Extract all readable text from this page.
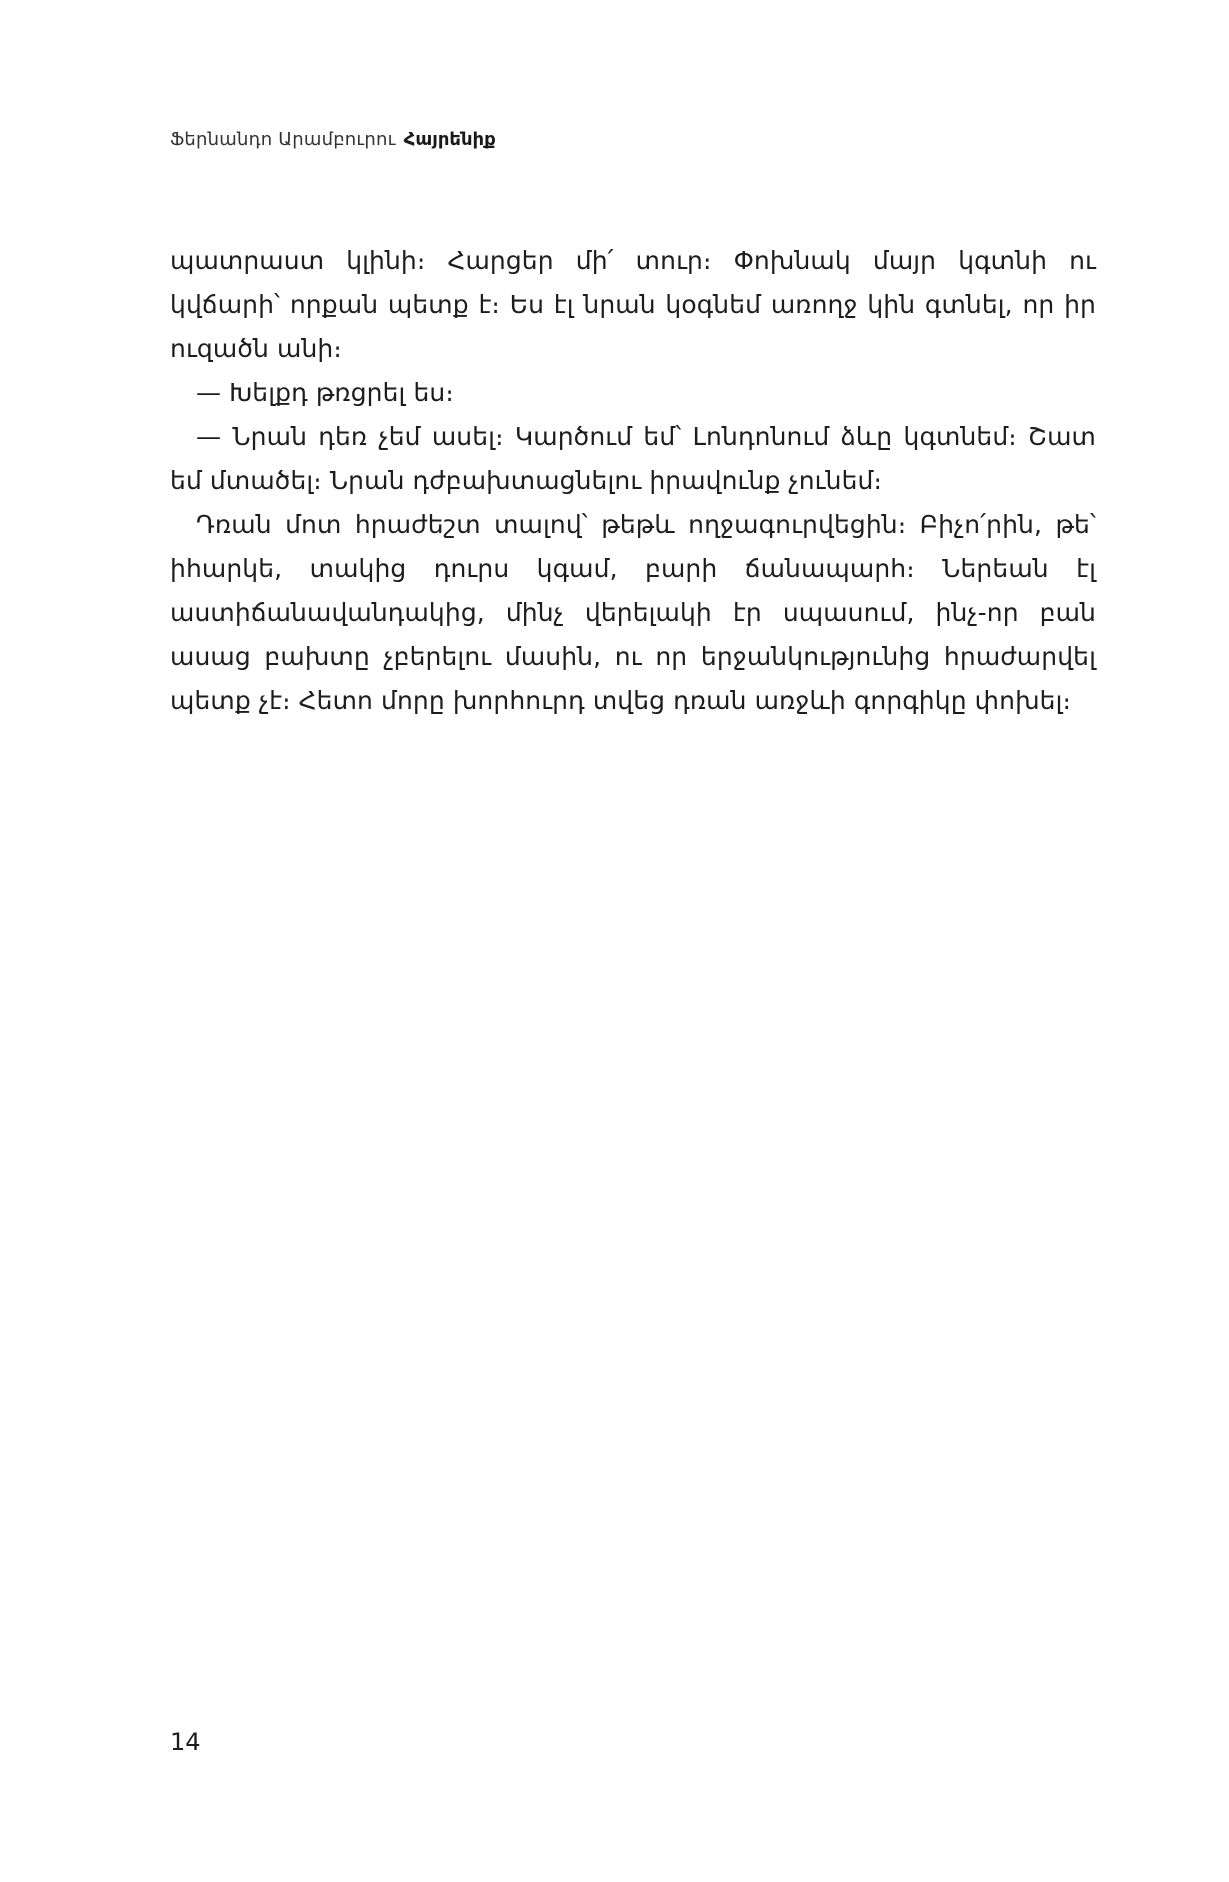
Ֆերնանդո Արամբուրու Հայրենիք

պատրաստ կլինի։ Հարցեր մի՛ տուր։ Փոխնակ մայր կգտնի ու կվճարի՝ որքան պետք է։ Ես էլ նրան կօգնեմ առողջ կին գտնել, որ իր ուզածն անի։

— Խելքդ թռցրել ես։

— Նրան դեռ չեմ ասել։ Կարծում եմ՝ Լոնդոնում ձևը կգտնեմ։ Շատ եմ մտածել։ Նրան դժբախտացնելու իրավունք չունեմ։

Դռան մոտ հրաժեշտ տալով՝ թեթև ողջագուրվեցին։ Բիչո՛րին, թե՝ իհարկե, տակից դուրս կգամ, բարի ճանապարհ։ Ներեան էլ աստիճանավանդակից, մինչ վերելակի էր սպասում, ինչ-որ բան ասաց բախտը չբերելու մասին, ու որ երջանկությունից հրաժարվել պետք չէ։ Հետո մորը խորհուրդ տվեց դռան առջևի գորգիկը փոխել։

14
